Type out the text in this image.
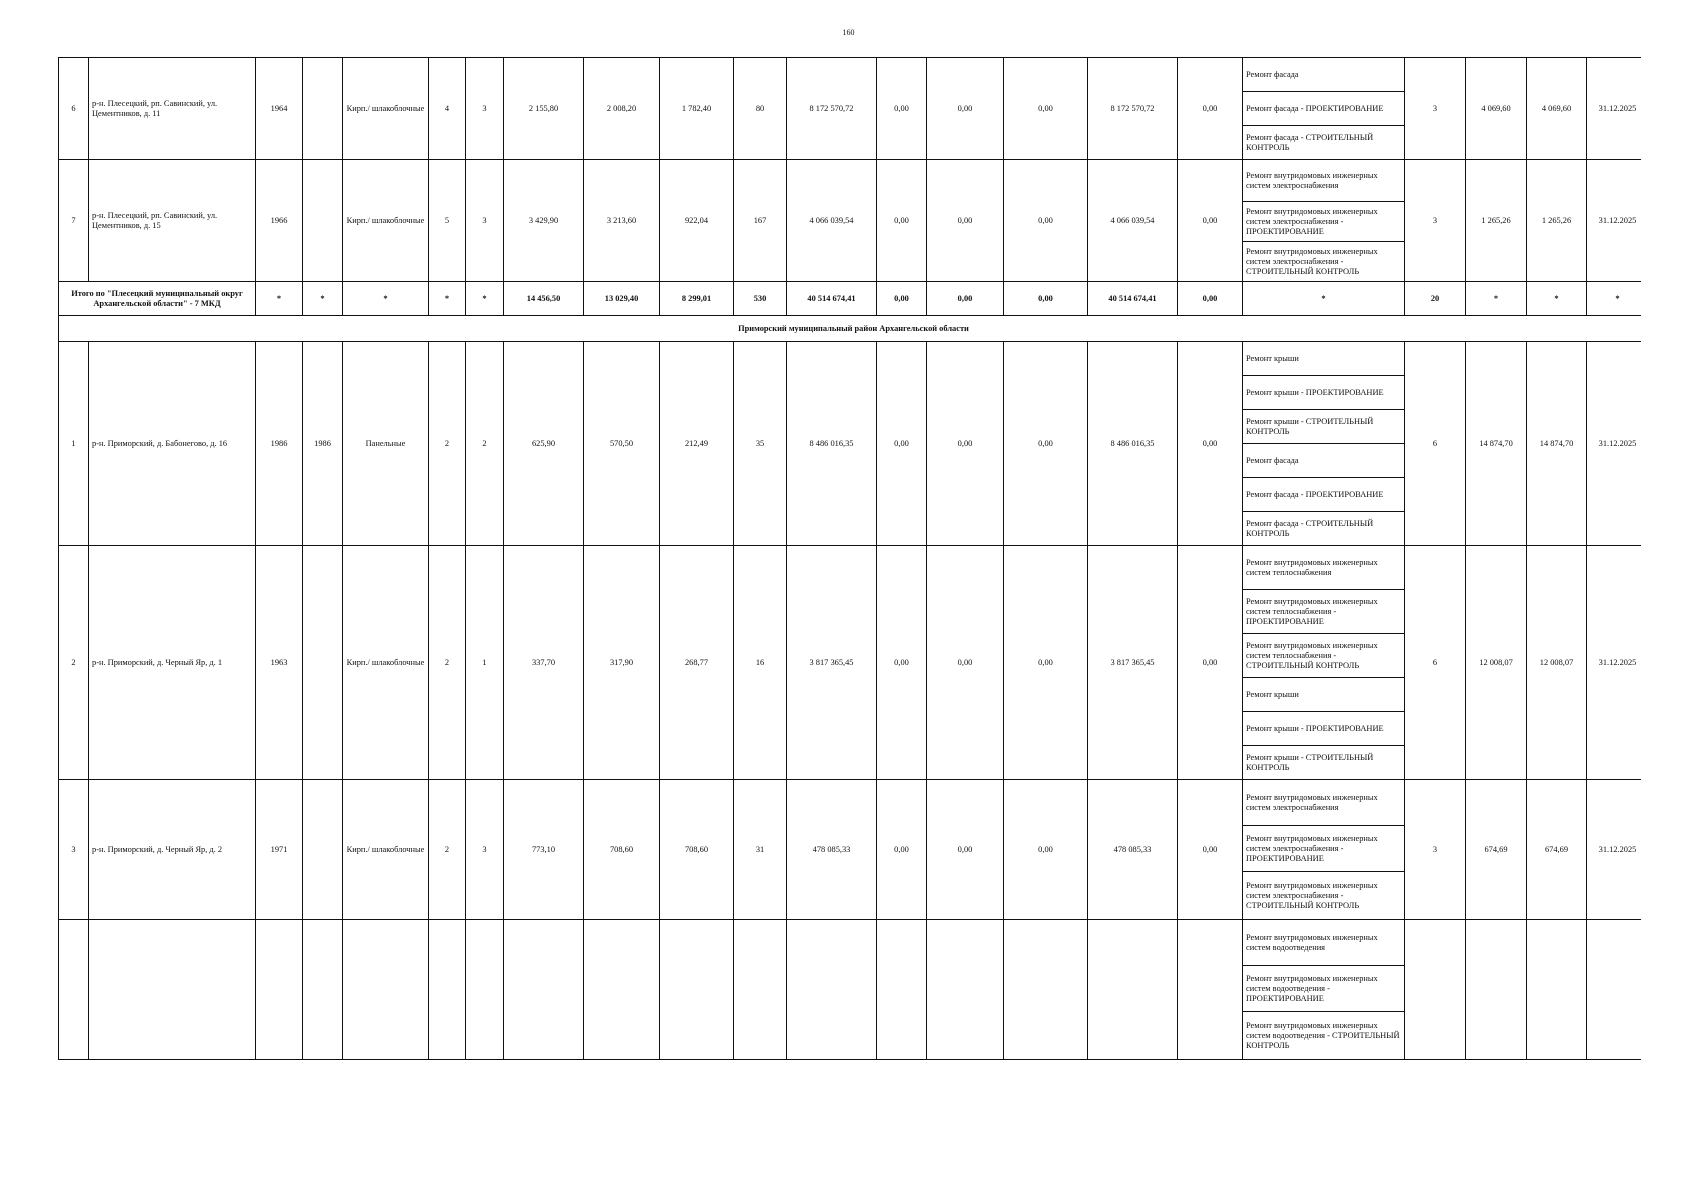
160
6	р-н. Плесецкий, рп. Савинский, ул. Цементников, д. 11	1964		Кирп./ шлакоблочные	4	3	2 155,80	2 008,20	1 782,40	80	8 172 570,72	0,00	0,00	0,00	8 172 570,72	0,00	Ремонт фасада	3	4 069,60	4 069,60	31.12.2025
																	Ремонт фасада - ПРОЕКТИРОВАНИЕ				
																	Ремонт фасада - СТРОИТЕЛЬНЫЙ КОНТРОЛЬ				
7	р-н. Плесецкий, рп. Савинский, ул. Цементников, д. 15	1966		Кирп./ шлакоблочные	5	3	3 429,90	3 213,60	922,04	167	4 066 039,54	0,00	0,00	0,00	4 066 039,54	0,00	Ремонт внутридомовых инженерных систем электроснабжения	3	1 265,26	1 265,26	31.12.2025
																	Ремонт внутридомовых инженерных систем электроснабжения - ПРОЕКТИРОВАНИЕ				
																	Ремонт внутридомовых инженерных систем электроснабжения - СТРОИТЕЛЬНЫЙ КОНТРОЛЬ				
Итого по "Плесецкий муниципальный округ Архангельской области" - 7 МКД		*	*	*	*	*	14 456,50	13 029,40	8 299,01	530	40 514 674,41	0,00	0,00	0,00	40 514 674,41	0,00	*	20	*	*	*
Приморский муниципальный район Архангельской области																					
1	р-н. Приморский, д. Бабонегово, д. 16	1986	1986	Панельные	2	2	625,90	570,50	212,49	35	8 486 016,35	0,00	0,00	0,00	8 486 016,35	0,00	Ремонт крыши	6	14 874,70	14 874,70	31.12.2025
																	Ремонт крыши - ПРОЕКТИРОВАНИЕ				
																	Ремонт крыши - СТРОИТЕЛЬНЫЙ КОНТРОЛЬ				
																	Ремонт фасада				
																	Ремонт фасада - ПРОЕКТИРОВАНИЕ				
																	Ремонт фасада - СТРОИТЕЛЬНЫЙ КОНТРОЛЬ				
2	р-н. Приморский, д. Черный Яр, д. 1	1963		Кирп./ шлакоблочные	2	1	337,70	317,90	268,77	16	3 817 365,45	0,00	0,00	0,00	3 817 365,45	0,00	Ремонт внутридомовых инженерных систем теплоснабжения	6	12 008,07	12 008,07	31.12.2025
																	Ремонт внутридомовых инженерных систем теплоснабжения - ПРОЕКТИРОВАНИЕ				
																	Ремонт внутридомовых инженерных систем теплоснабжения - СТРОИТЕЛЬНЫЙ КОНТРОЛЬ				
																	Ремонт крыши				
																	Ремонт крыши - ПРОЕКТИРОВАНИЕ				
																	Ремонт крыши - СТРОИТЕЛЬНЫЙ КОНТРОЛЬ				
3	р-н. Приморский, д. Черный Яр, д. 2	1971		Кирп./ шлакоблочные	2	3	773,10	708,60	708,60	31	478 085,33	0,00	0,00	0,00	478 085,33	0,00	Ремонт внутридомовых инженерных систем электроснабжения	3	674,69	674,69	31.12.2025
																	Ремонт внутридомовых инженерных систем электроснабжения - ПРОЕКТИРОВАНИЕ				
																	Ремонт внутридомовых инженерных систем электроснабжения - СТРОИТЕЛЬНЫЙ КОНТРОЛЬ				
																	Ремонт внутридомовых инженерных систем водоотведения				
																	Ремонт внутридомовых инженерных систем водоотведения - ПРОЕКТИРОВАНИЕ				
																	Ремонт внутридомовых инженерных систем водоотведения - СТРОИТЕЛЬНЫЙ КОНТРОЛЬ				
